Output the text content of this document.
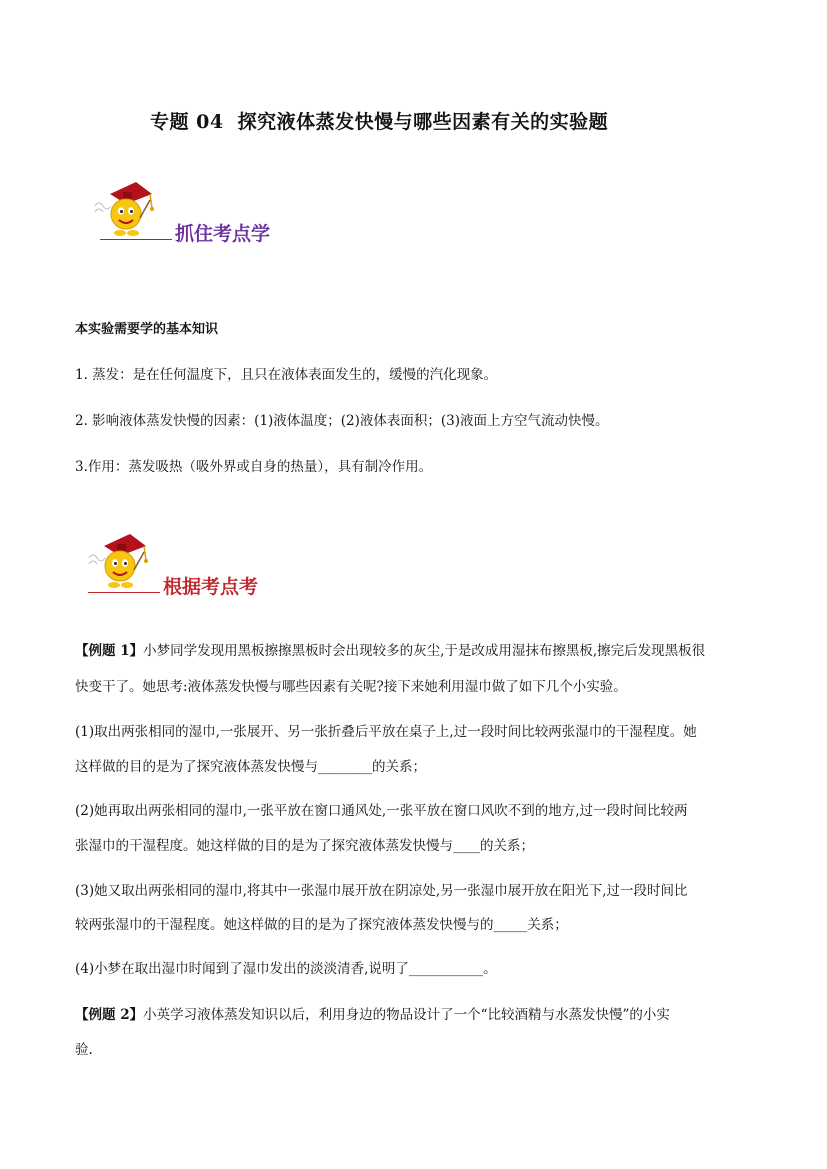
专题 04 探究液体蒸发快慢与哪些因素有关的实验题
抓住考点学
本实验需要学的基本知识
1. 蒸发：是在任何温度下，且只在液体表面发生的，缓慢的汽化现象。
2. 影响液体蒸发快慢的因素：(1)液体温度；(2)液体表面积；(3)液面上方空气流动快慢。
3.作用：蒸发吸热（吸外界或自身的热量），具有制冷作用。
根据考点考
【例题 1】小梦同学发现用黑板擦擦黑板时会出现较多的灰尘,于是改成用湿抹布擦黑板,擦完后发现黑板很
快变干了。她思考:液体蒸发快慢与哪些因素有关呢?接下来她利用湿巾做了如下几个小实验。
(1)取出两张相同的湿巾,一张展开、另一张折叠后平放在桌子上,过一段时间比较两张湿巾的干湿程度。她
这样做的目的是为了探究液体蒸发快慢与________的关系；
(2)她再取出两张相同的湿巾,一张平放在窗口通风处,一张平放在窗口风吹不到的地方,过一段时间比较两
张湿巾的干湿程度。她这样做的目的是为了探究液体蒸发快慢与____的关系；
(3)她又取出两张相同的湿巾,将其中一张湿巾展开放在阴凉处,另一张湿巾展开放在阳光下,过一段时间比
较两张湿巾的干湿程度。她这样做的目的是为了探究液体蒸发快慢与的_____关系；
(4)小梦在取出湿巾时闻到了湿巾发出的淡淡清香,说明了___________。
【例题 2】小英学习液体蒸发知识以后，利用身边的物品设计了一个“比较酒精与水蒸发快慢”的小实
验.
